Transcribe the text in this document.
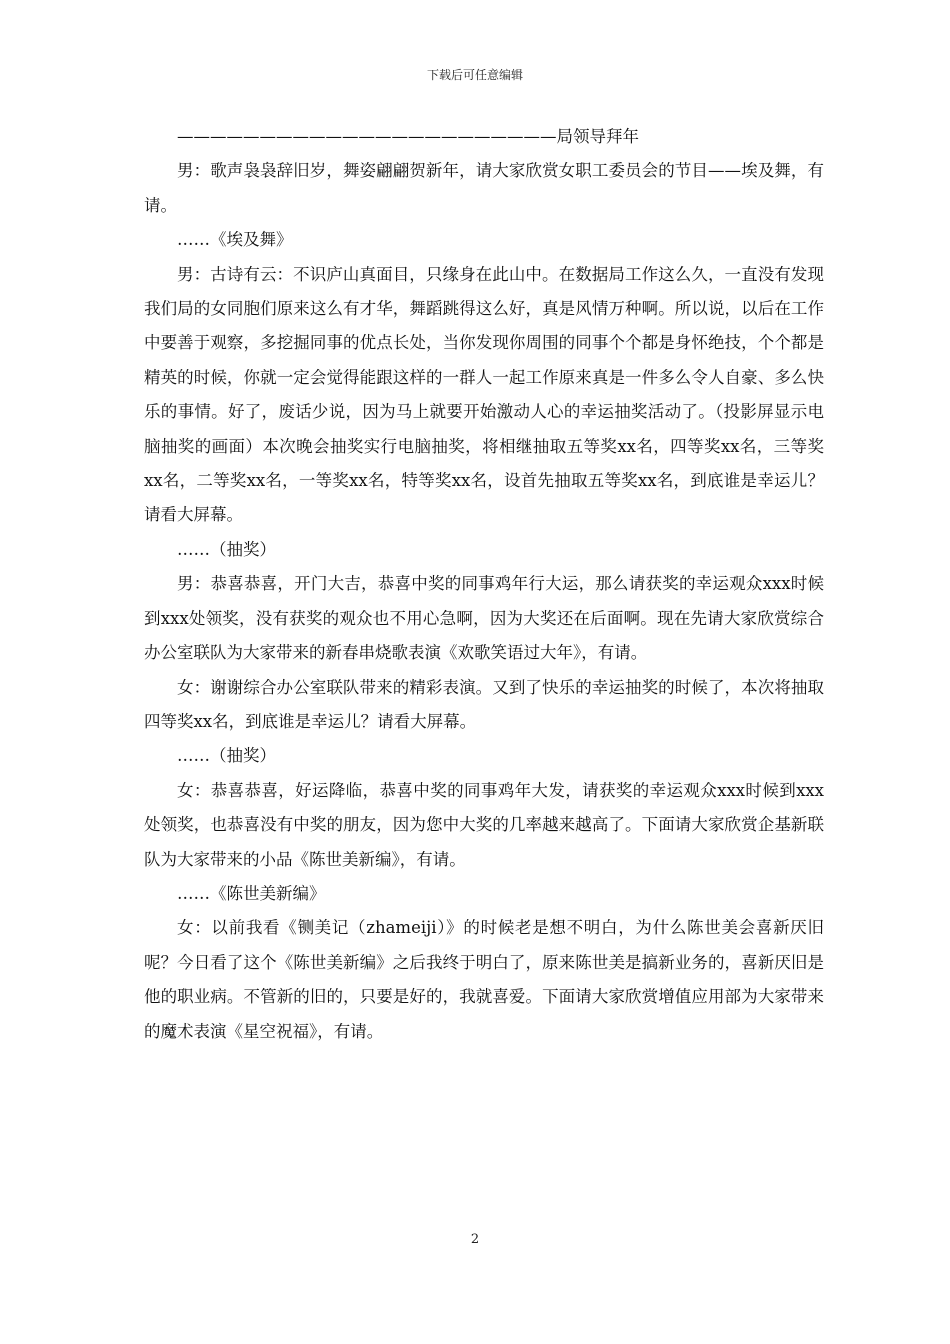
下载后可任意编辑

———————————————————————局领导拜年

男：歌声袅袅辞旧岁，舞姿翩翩贺新年，请大家欣赏女职工委员会的节目——埃及舞，有请。

……《埃及舞》

男：古诗有云：不识庐山真面目，只缘身在此山中。在数据局工作这么久，一直没有发现我们局的女同胞们原来这么有才华，舞蹈跳得这么好，真是风情万种啊。所以说，以后在工作中要善于观察，多挖掘同事的优点长处，当你发现你周围的同事个个都是身怀绝技，个个都是精英的时候，你就一定会觉得能跟这样的一群人一起工作原来真是一件多么令人自豪、多么快乐的事情。好了，废话少说，因为马上就要开始激动人心的幸运抽奖活动了。（投影屏显示电脑抽奖的画面）本次晚会抽奖实行电脑抽奖，将相继抽取五等奖xx名，四等奖xx名，三等奖xx名，二等奖xx名，一等奖xx名，特等奖xx名，设首先抽取五等奖xx名，到底谁是幸运儿？请看大屏幕。

……（抽奖）

男：恭喜恭喜，开门大吉，恭喜中奖的同事鸡年行大运，那么请获奖的幸运观众xxx时候到xxx处领奖，没有获奖的观众也不用心急啊，因为大奖还在后面啊。现在先请大家欣赏综合办公室联队为大家带来的新春串烧歌表演《欢歌笑语过大年》，有请。

女：谢谢综合办公室联队带来的精彩表演。又到了快乐的幸运抽奖的时候了，本次将抽取四等奖xx名，到底谁是幸运儿？请看大屏幕。

……（抽奖）

女：恭喜恭喜，好运降临，恭喜中奖的同事鸡年大发，请获奖的幸运观众xxx时候到xxx处领奖，也恭喜没有中奖的朋友，因为您中大奖的几率越来越高了。下面请大家欣赏企基新联队为大家带来的小品《陈世美新编》，有请。

……《陈世美新编》

女：以前我看《铡美记（zhameiji）》的时候老是想不明白，为什么陈世美会喜新厌旧呢？今日看了这个《陈世美新编》之后我终于明白了，原来陈世美是搞新业务的，喜新厌旧是他的职业病。不管新的旧的，只要是好的，我就喜爱。下面请大家欣赏增值应用部为大家带来的魔术表演《星空祝福》，有请。

2
